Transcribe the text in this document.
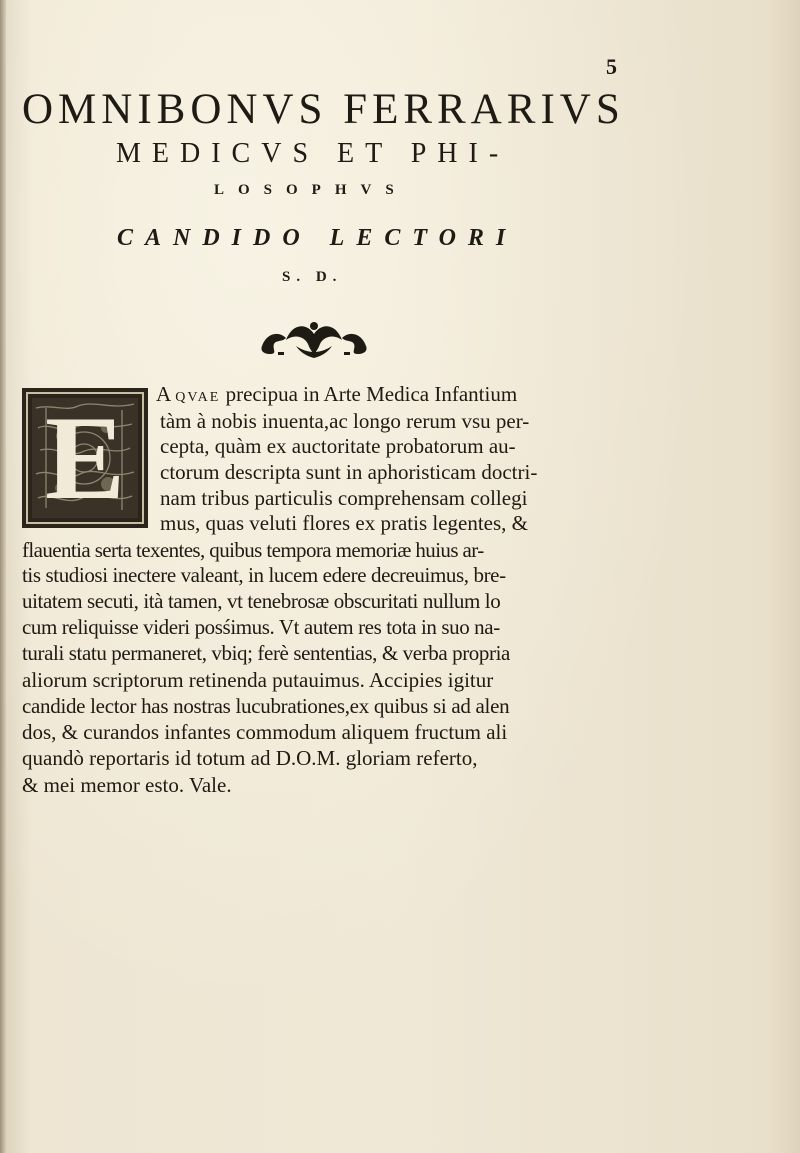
5
OMNIBONVS FERRARIVS
MEDICVS ET PHI-
LOSOPHVS
CANDIDO LECTORI
S. D.
E	A QVAE precipua in Arte Medica Infantium
tàm à nobis inuenta,ac longo rerum vsu per-
cepta, quàm ex auctoritate probatorum au-
ctorum descripta sunt in aphoristicam doctri-
nam tribus particulis comprehensam collegi
mus, quas veluti flores ex pratis legentes, &
flauentia serta texentes, quibus tempora memoriæ huius ar-
tis studiosi inectere valeant, in lucem edere decreuimus, bre-
uitatem secuti, ità tamen, vt tenebrosæ obscuritati nullum lo
cum reliquisse videri posśimus. Vt autem res tota in suo na-
turali statu permaneret, vbiq; ferè sententias, & verba propria
aliorum scriptorum retinenda putauimus. Accipies igitur
candide lector has nostras lucubrationes,ex quibus si ad alen
dos, & curandos infantes commodum aliquem fructum ali
quandò reportaris id totum ad D.O.M. gloriam referto,
& mei memor esto. Vale.
